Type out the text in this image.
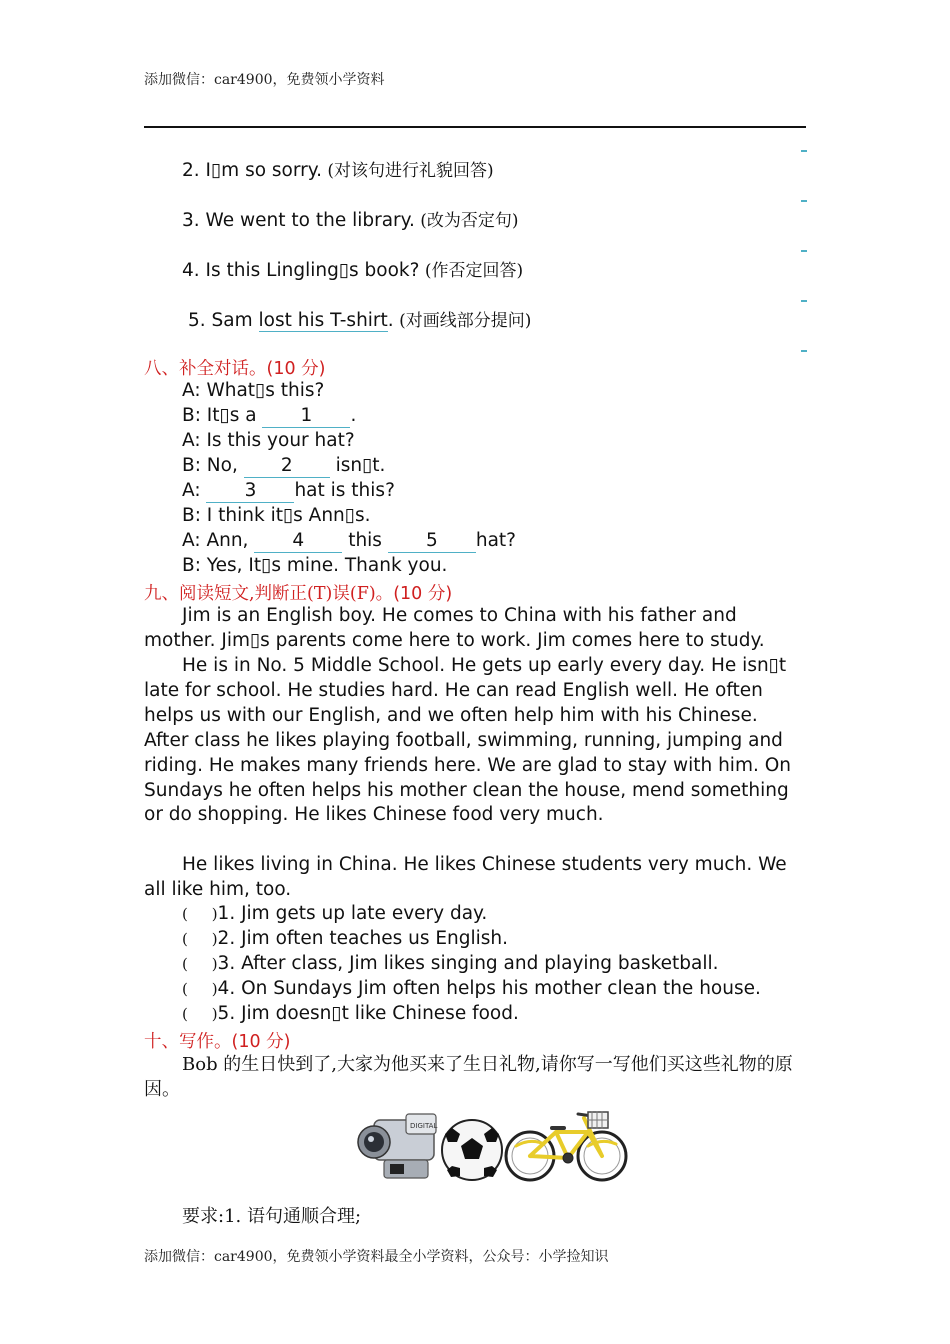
添加微信：car4900，免费领小学资料
2. I▯m so sorry. (对该句进行礼貌回答)
3. We went to the library. (改为否定句)
4. Is this Lingling▯s book? (作否定回答)
5. Sam lost his T-shirt. (对画线部分提问)
八、补全对话。(10 分)
A: What▯s this?
B: It▯s a 1 .
A: Is this your hat?
B: No, 2 isn▯t.
A: 3 hat is this?
B: I think it▯s Ann▯s.
A: Ann, 4 this 5 hat?
B: Yes, It▯s mine. Thank you.
九、阅读短文,判断正(T)误(F)。(10 分)
Jim is an English boy. He comes to China with his father and mother. Jim▯s parents come here to work. Jim comes here to study.
He is in No. 5 Middle School. He gets up early every day. He isn▯t late for school. He studies hard. He can read English well. He often helps us with our English, and we often help him with his Chinese. After class he likes playing football, swimming, running, jumping and riding. He makes many friends here. We are glad to stay with him. On Sundays he often helps his mother clean the house, mend something or do shopping. He likes Chinese food very much.
He likes living in China. He likes Chinese students very much. We all like him, too.
(     )1. Jim gets up late every day.
(     )2. Jim often teaches us English.
(     )3. After class, Jim likes singing and playing basketball.
(     )4. On Sundays Jim often helps his mother clean the house.
(     )5. Jim doesn▯t like Chinese food.
十、写作。(10 分)
Bob 的生日快到了,大家为他买来了生日礼物,请你写一写他们买这些礼物的原因。
DIGITAL
要求:1. 语句通顺合理;
添加微信：car4900，免费领小学资料最全小学资料，公众号：小学捡知识
